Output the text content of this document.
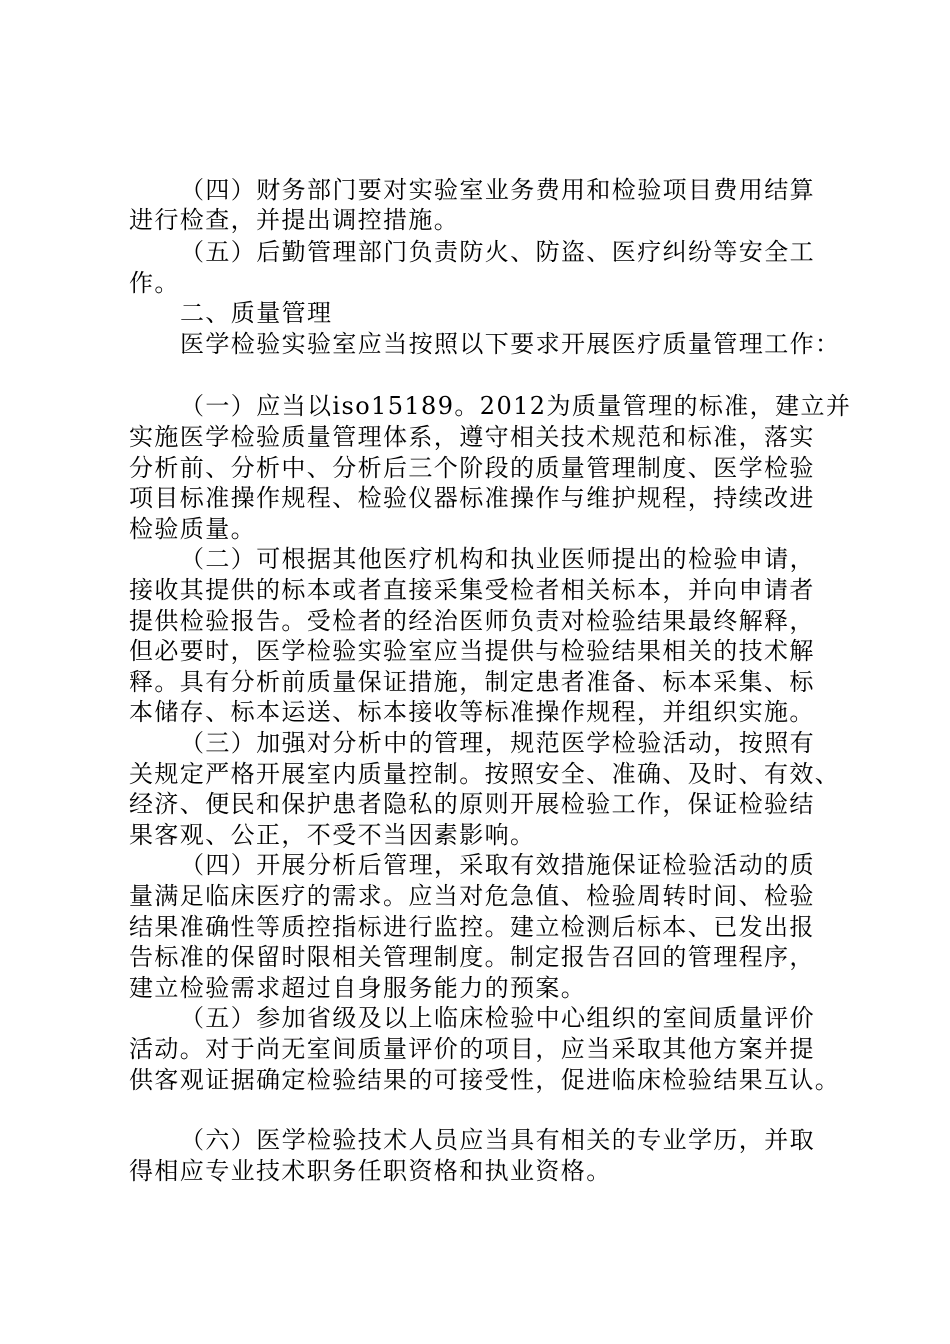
（四）财务部门要对实验室业务费用和检验项目费用结算
进行检查，并提出调控措施。
（五）后勤管理部门负责防火、防盗、医疗纠纷等安全工
作。
二、质量管理
医学检验实验室应当按照以下要求开展医疗质量管理工作：
（一）应当以iso15189。2012为质量管理的标准，建立并
实施医学检验质量管理体系，遵守相关技术规范和标准，落实
分析前、分析中、分析后三个阶段的质量管理制度、医学检验
项目标准操作规程、检验仪器标准操作与维护规程，持续改进
检验质量。
（二）可根据其他医疗机构和执业医师提出的检验申请，
接收其提供的标本或者直接采集受检者相关标本，并向申请者
提供检验报告。受检者的经治医师负责对检验结果最终解释，
但必要时，医学检验实验室应当提供与检验结果相关的技术解
释。具有分析前质量保证措施，制定患者准备、标本采集、标
本储存、标本运送、标本接收等标准操作规程，并组织实施。
（三）加强对分析中的管理，规范医学检验活动，按照有
关规定严格开展室内质量控制。按照安全、准确、及时、有效、
经济、便民和保护患者隐私的原则开展检验工作，保证检验结
果客观、公正，不受不当因素影响。
（四）开展分析后管理，采取有效措施保证检验活动的质
量满足临床医疗的需求。应当对危急值、检验周转时间、检验
结果准确性等质控指标进行监控。建立检测后标本、已发出报
告标准的保留时限相关管理制度。制定报告召回的管理程序，
建立检验需求超过自身服务能力的预案。
（五）参加省级及以上临床检验中心组织的室间质量评价
活动。对于尚无室间质量评价的项目，应当采取其他方案并提
供客观证据确定检验结果的可接受性，促进临床检验结果互认。
（六）医学检验技术人员应当具有相关的专业学历，并取
得相应专业技术职务任职资格和执业资格。
